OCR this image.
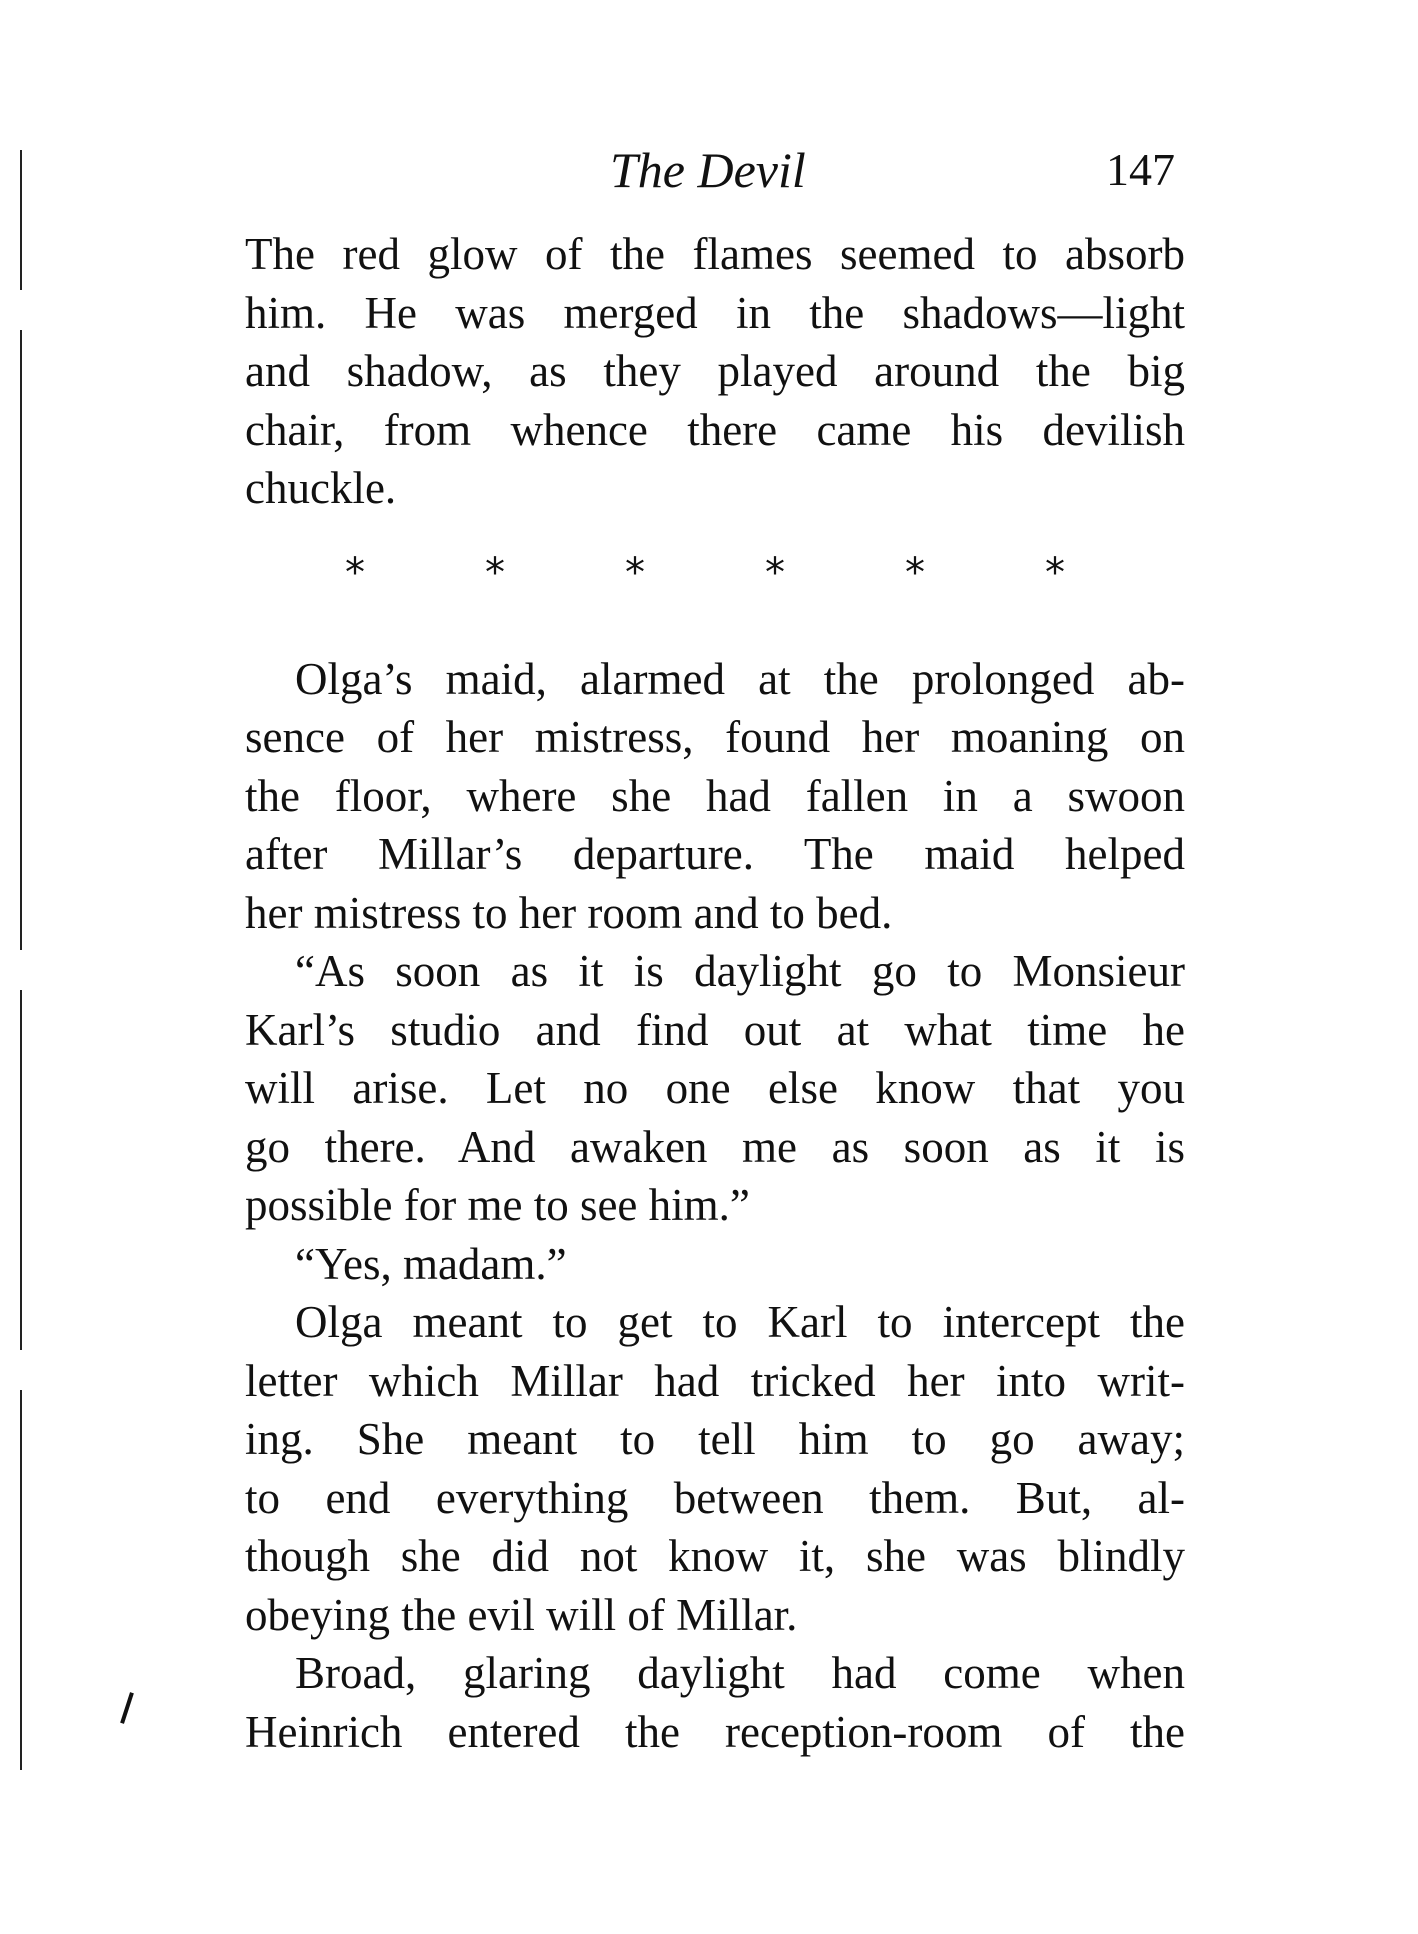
The Devil	147
The red glow of the flames seemed to absorb
him. He was merged in the shadows—light
and shadow, as they played around the big
chair, from whence there came his devilish
chuckle.
*	*	*	*	*	*
Olga’s maid, alarmed at the prolonged ab-
sence of her mistress, found her moaning on
the floor, where she had fallen in a swoon
after Millar’s departure. The maid helped
her mistress to her room and to bed.
“As soon as it is daylight go to Monsieur
Karl’s studio and find out at what time he
will arise. Let no one else know that you
go there. And awaken me as soon as it is
possible for me to see him.”
“Yes, madam.”
Olga meant to get to Karl to intercept the
letter which Millar had tricked her into writ-
ing. She meant to tell him to go away;
to end everything between them. But, al-
though she did not know it, she was blindly
obeying the evil will of Millar.
Broad, glaring daylight had come when
Heinrich entered the reception-room of the
